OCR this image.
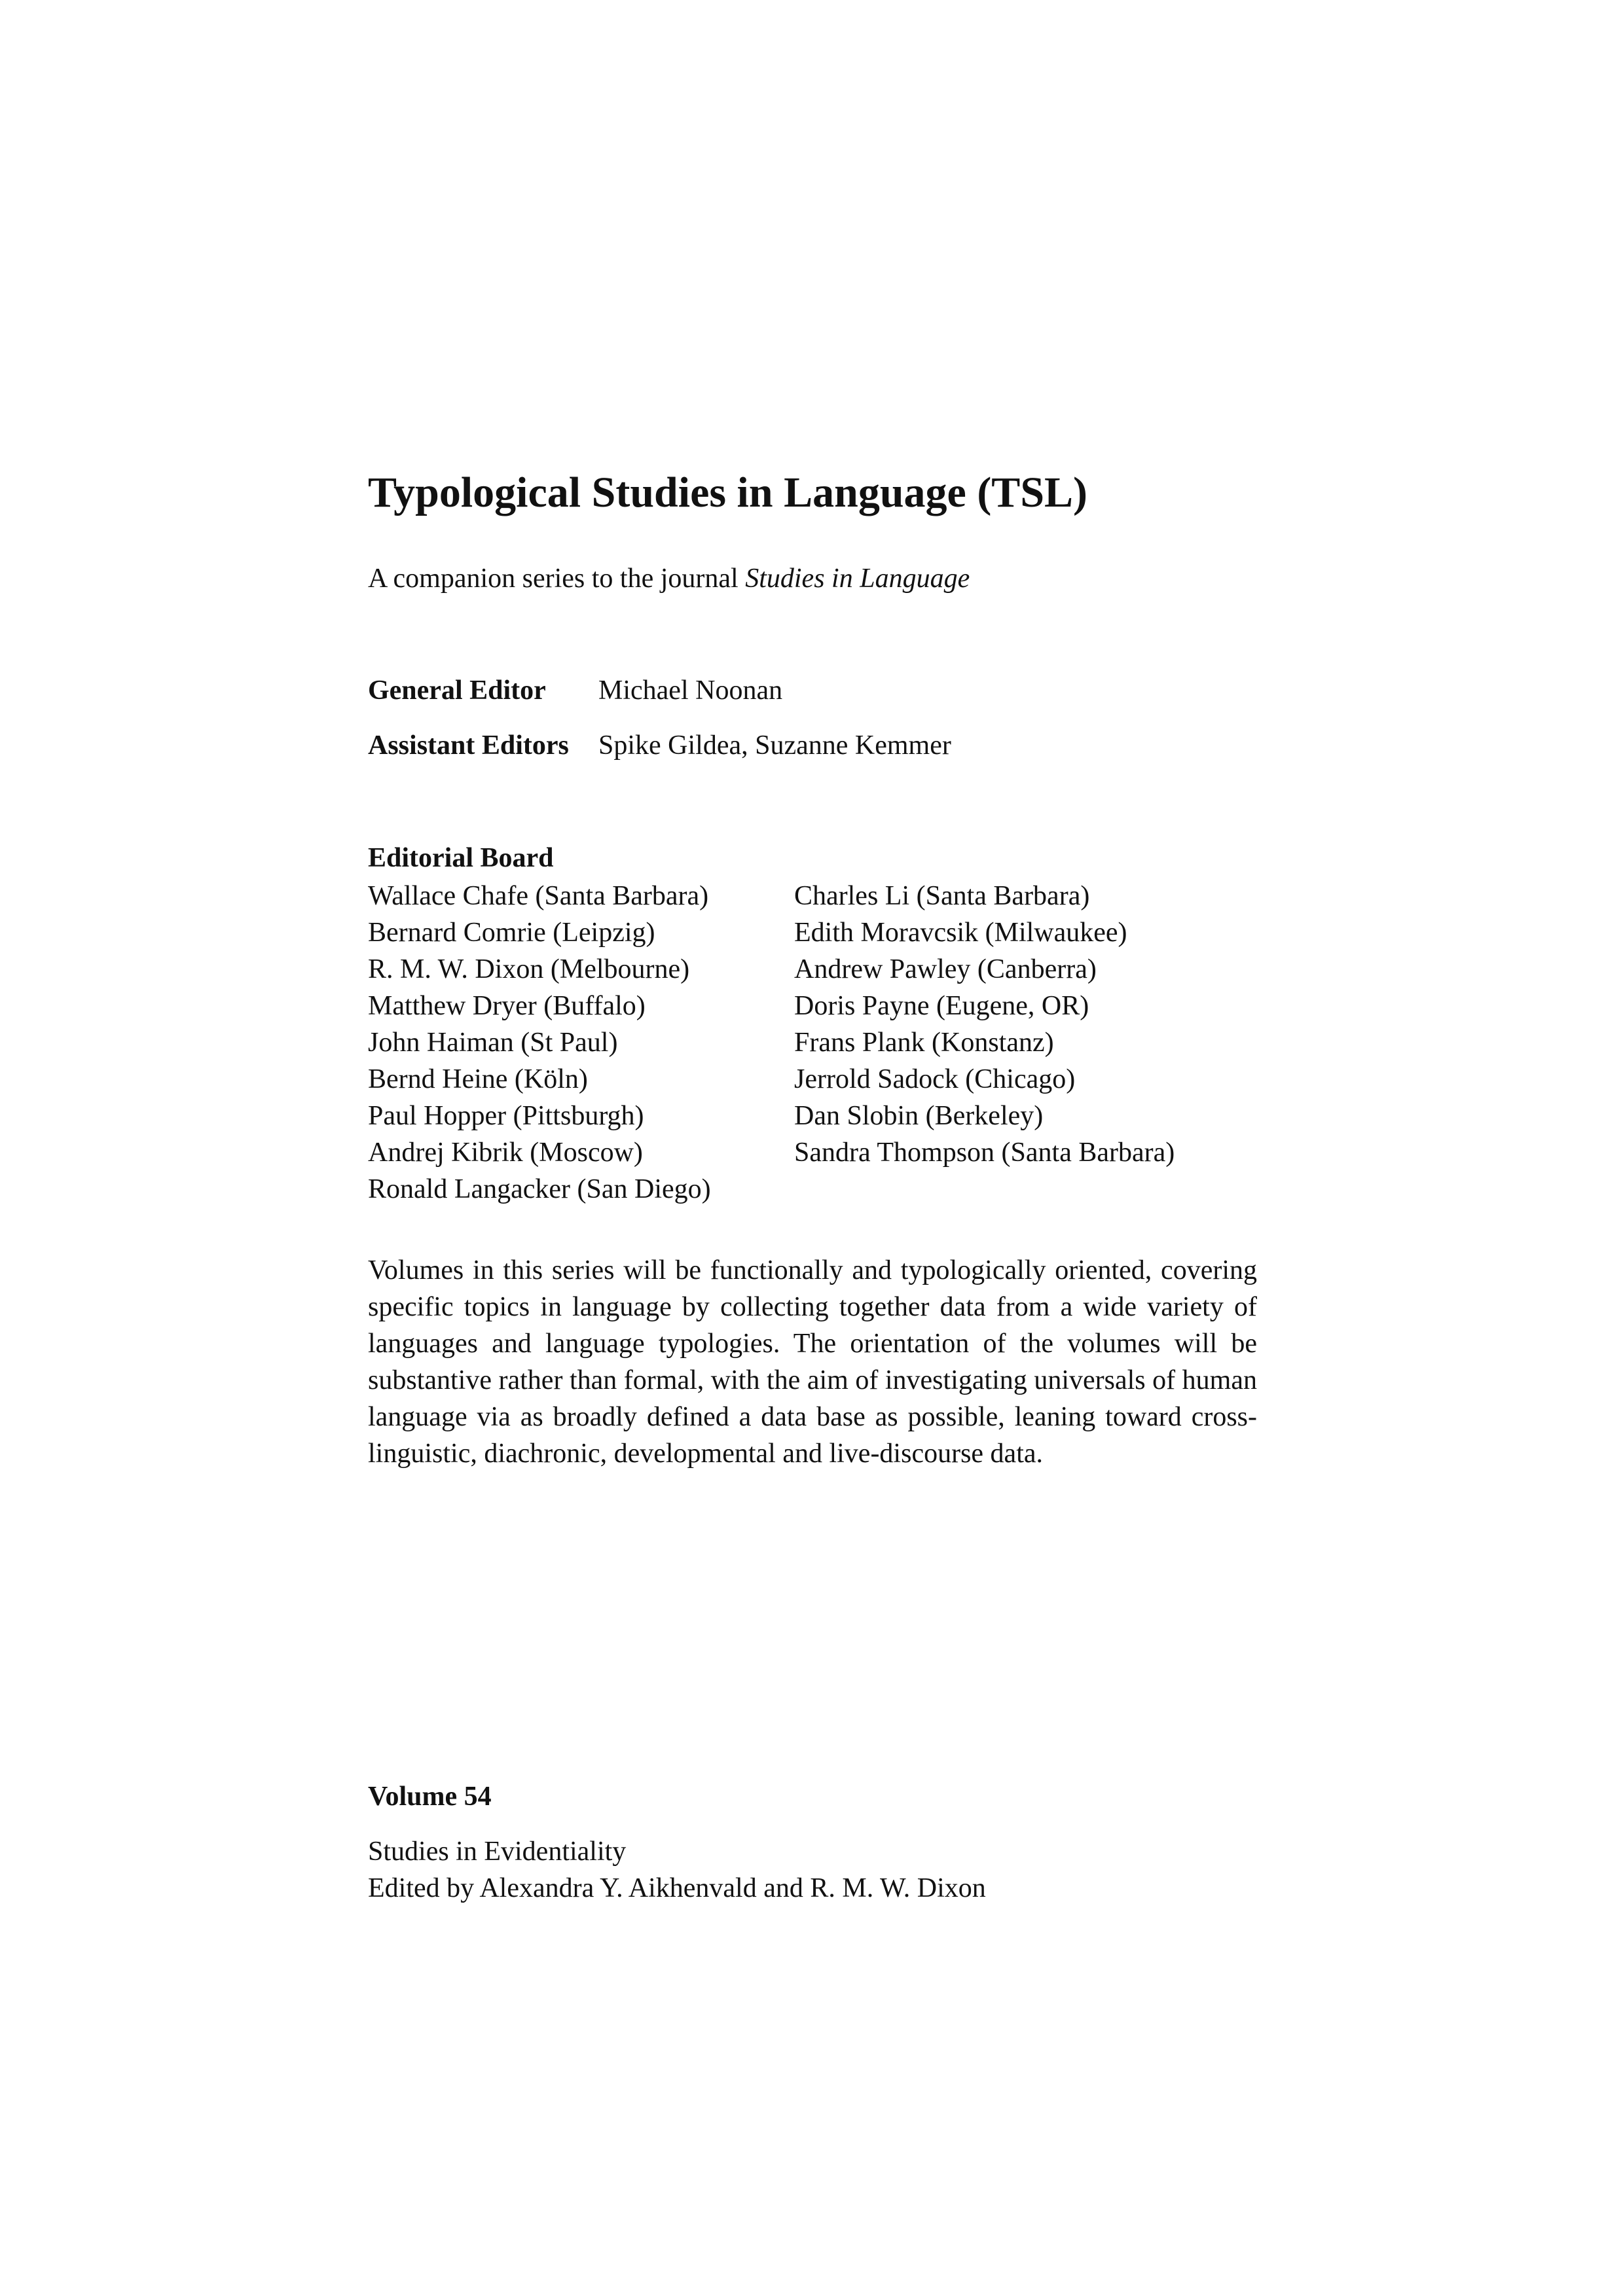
Typological Studies in Language (TSL)
A companion series to the journal Studies in Language
General Editor	Michael Noonan
Assistant Editors	Spike Gildea, Suzanne Kemmer
Editorial Board
Wallace Chafe (Santa Barbara)
Bernard Comrie (Leipzig)
R. M. W. Dixon (Melbourne)
Matthew Dryer (Buffalo)
John Haiman (St Paul)
Bernd Heine (Köln)
Paul Hopper (Pittsburgh)
Andrej Kibrik (Moscow)
Ronald Langacker (San Diego)
Charles Li (Santa Barbara)
Edith Moravcsik (Milwaukee)
Andrew Pawley (Canberra)
Doris Payne (Eugene, OR)
Frans Plank (Konstanz)
Jerrold Sadock (Chicago)
Dan Slobin (Berkeley)
Sandra Thompson (Santa Barbara)

Volumes in this series will be functionally and typologically oriented, covering specific topics in language by collecting together data from a wide variety of languages and language typologies. The orientation of the volumes will be substantive rather than formal, with the aim of investigating universals of human language via as broadly defined a data base as possible, leaning toward cross-linguistic, diachronic, developmental and live-discourse data.

Volume 54
Studies in Evidentiality
Edited by Alexandra Y. Aikhenvald and R. M. W. Dixon
